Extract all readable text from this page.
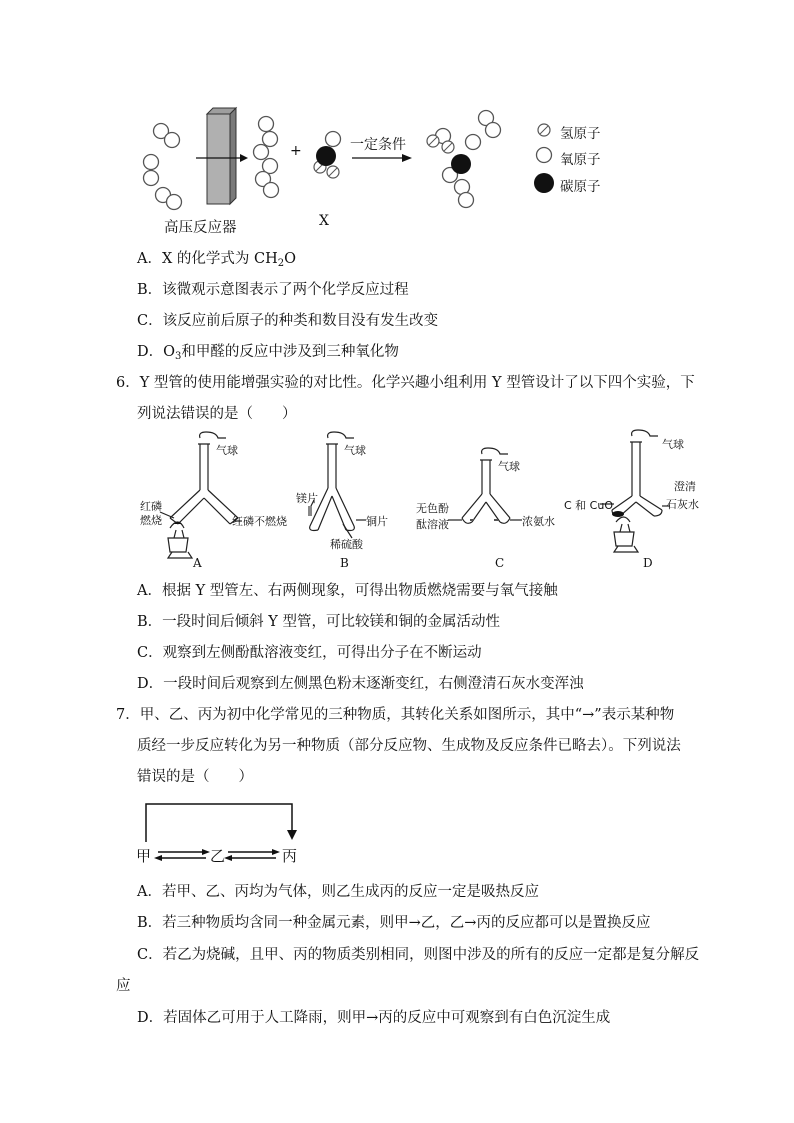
+	一定条件
高压反应器	X
氢原子
氧原子
碳原子
A．X 的化学式为 $CH_2O$
B．该微观示意图表示了两个化学反应过程
C．该反应前后原子的种类和数目没有发生改变
D．$O_3$和甲醛的反应中涉及到三种氧化物
6．Y 型管的使用能增强实验的对比性。化学兴趣小组利用 Y 型管设计了以下四个实验，下
列说法错误的是（　　）
气球
红磷
燃烧	红磷不燃烧
气球
镁片
铜片
稀硫酸
气球
无色酚
酞溶液	浓氨水
气球
C 和 CuO
澄清
石灰水
A	B	C	D
A．根据 Y 型管左、右两侧现象，可得出物质燃烧需要与氧气接触
B．一段时间后倾斜 Y 型管，可比较镁和铜的金属活动性
C．观察到左侧酚酞溶液变红，可得出分子在不断运动
D．一段时间后观察到左侧黑色粉末逐渐变红，右侧澄清石灰水变浑浊
7．甲、乙、丙为初中化学常见的三种物质，其转化关系如图所示，其中“→”表示某种物
质经一步反应转化为另一种物质（部分反应物、生成物及反应条件已略去）。下列说法
错误的是（　　）
甲	乙	丙
A．若甲、乙、丙均为气体，则乙生成丙的反应一定是吸热反应
B．若三种物质均含同一种金属元素，则甲→乙，乙→丙的反应都可以是置换反应
C．若乙为烧碱，且甲、丙的物质类别相同，则图中涉及的所有的反应一定都是复分解反
应
D．若固体乙可用于人工降雨，则甲→丙的反应中可观察到有白色沉淀生成
